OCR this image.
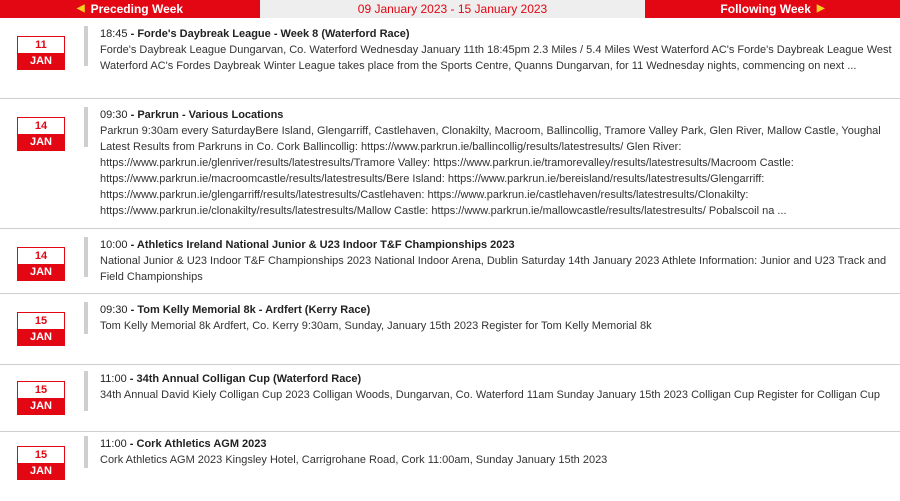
◀ Preceding Week	09 January 2023 - 15 January 2023	Following Week ▶
11
JAN
18:45 - Forde's Daybreak League - Week 8 (Waterford Race)
Forde's Daybreak League Dungarvan, Co. Waterford Wednesday January 11th 18:45pm 2.3 Miles / 5.4 Miles West Waterford AC's Forde's Daybreak League West Waterford AC's Fordes Daybreak Winter League takes place from the Sports Centre, Quanns Dungarvan, for 11 Wednesday nights, commencing on next ...
14
JAN
09:30 - Parkrun - Various Locations
Parkrun 9:30am every SaturdayBere Island, Glengarriff, Castlehaven, Clonakilty, Macroom, Ballincollig, Tramore Valley Park, Glen River, Mallow Castle, Youghal Latest Results from Parkruns in Co. Cork Ballincollig: https://www.parkrun.ie/ballincollig/results/latestresults/ Glen River: https://www.parkrun.ie/glenriver/results/latestresults/Tramore Valley: https://www.parkrun.ie/tramorevalley/results/latestresults/Macroom Castle: https://www.parkrun.ie/macroomcastle/results/latestresults/Bere Island: https://www.parkrun.ie/bereisland/results/latestresults/Glengarriff: https://www.parkrun.ie/glengarriff/results/latestresults/Castlehaven: https://www.parkrun.ie/castlehaven/results/latestresults/Clonakilty: https://www.parkrun.ie/clonakilty/results/latestresults/Mallow Castle: https://www.parkrun.ie/mallowcastle/results/latestresults/ Pobalscoil na ...
14
JAN
10:00 - Athletics Ireland National Junior & U23 Indoor T&F Championships 2023
National Junior & U23 Indoor T&F Championships 2023 National Indoor Arena, Dublin Saturday 14th January 2023 Athlete Information: Junior and U23 Track and Field Championships
15
JAN
09:30 - Tom Kelly Memorial 8k - Ardfert (Kerry Race)
Tom Kelly Memorial 8k Ardfert, Co. Kerry 9:30am, Sunday, January 15th 2023 Register for Tom Kelly Memorial 8k
15
JAN
11:00 - 34th Annual Colligan Cup (Waterford Race)
34th Annual David Kiely Colligan Cup 2023 Colligan Woods, Dungarvan, Co. Waterford 11am Sunday January 15th 2023 Colligan Cup Register for Colligan Cup
15
JAN
11:00 - Cork Athletics AGM 2023
Cork Athletics AGM 2023 Kingsley Hotel, Carrigrohane Road, Cork 11:00am, Sunday January 15th 2023
